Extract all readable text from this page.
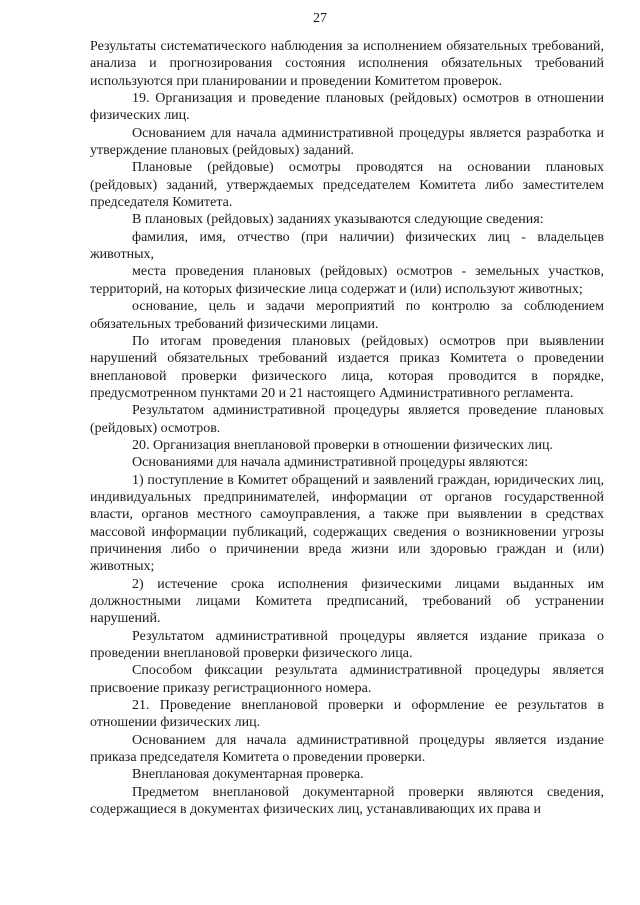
27

Результаты систематического наблюдения за исполнением обязательных требований, анализа и прогнозирования состояния исполнения обязательных требований используются при планировании и проведении Комитетом проверок.

19. Организация и проведение плановых (рейдовых) осмотров в отношении физических лиц.

Основанием для начала административной процедуры является разработка и утверждение плановых (рейдовых) заданий.

Плановые (рейдовые) осмотры проводятся на основании плановых (рейдовых) заданий, утверждаемых председателем Комитета либо заместителем председателя Комитета.

В плановых (рейдовых) заданиях указываются следующие сведения:

фамилия, имя, отчество (при наличии) физических лиц - владельцев животных,

места проведения плановых (рейдовых) осмотров - земельных участков, территорий, на которых физические лица содержат и (или) используют животных;

основание, цель и задачи мероприятий по контролю за соблюдением обязательных требований физическими лицами.

По итогам проведения плановых (рейдовых) осмотров при выявлении нарушений обязательных требований издается приказ Комитета о проведении внеплановой проверки физического лица, которая проводится в порядке, предусмотренном пунктами 20 и 21 настоящего Административного регламента.

Результатом административной процедуры является проведение плановых (рейдовых) осмотров.

20. Организация внеплановой проверки в отношении физических лиц.

Основаниями для начала административной процедуры являются:

1) поступление в Комитет обращений и заявлений граждан, юридических лиц, индивидуальных предпринимателей, информации от органов государственной власти, органов местного самоуправления, а также при выявлении в средствах массовой информации публикаций, содержащих сведения о возникновении угрозы причинения либо о причинении вреда жизни или здоровью граждан и (или) животных;

2) истечение срока исполнения физическими лицами выданных им должностными лицами Комитета предписаний, требований об устранении нарушений.

Результатом административной процедуры является издание приказа о проведении внеплановой проверки физического лица.

Способом фиксации результата административной процедуры является присвоение приказу регистрационного номера.

21. Проведение внеплановой проверки и оформление ее результатов в отношении физических лиц.

Основанием для начала административной процедуры является издание приказа председателя Комитета о проведении проверки.

Внеплановая документарная проверка.

Предметом внеплановой документарной проверки являются сведения, содержащиеся в документах физических лиц, устанавливающих их права и
